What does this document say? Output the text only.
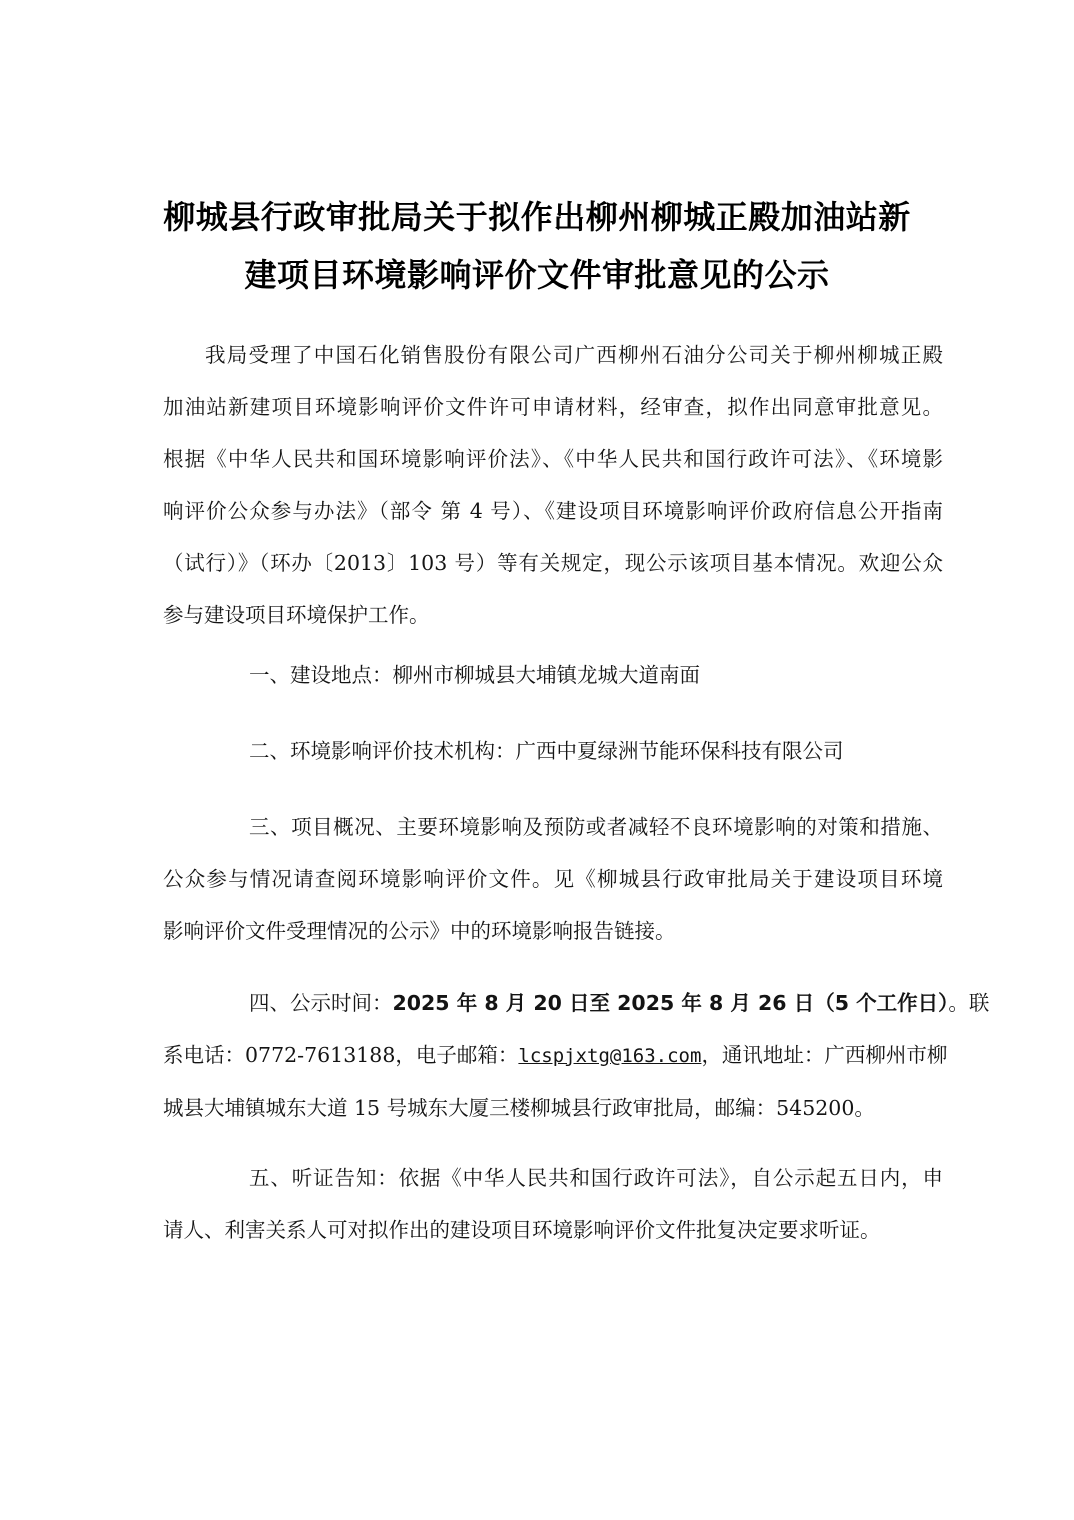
柳城县行政审批局关于拟作出柳州柳城正殿加油站新
建项目环境影响评价文件审批意见的公示
我局受理了中国石化销售股份有限公司广西柳州石油分公司关于柳州柳城正殿
加油站新建项目环境影响评价文件许可申请材料，经审查，拟作出同意审批意见。
根据《中华人民共和国环境影响评价法》、《中华人民共和国行政许可法》、《环境影
响评价公众参与办法》（部令 第 4 号）、《建设项目环境影响评价政府信息公开指南
（试行）》（环办〔2013〕103 号）等有关规定，现公示该项目基本情况。欢迎公众
参与建设项目环境保护工作。
一、建设地点：柳州市柳城县大埔镇龙城大道南面
二、环境影响评价技术机构：广西中夏绿洲节能环保科技有限公司
三、项目概况、主要环境影响及预防或者减轻不良环境影响的对策和措施、
公众参与情况请查阅环境影响评价文件。见《柳城县行政审批局关于建设项目环境
影响评价文件受理情况的公示》中的环境影响报告链接。
四、公示时间：2025 年 8 月 20 日至 2025 年 8 月 26 日（5 个工作日）。联
系电话：0772-7613188，电子邮箱：lcspjxtg@163.com，通讯地址：广西柳州市柳
城县大埔镇城东大道 15 号城东大厦三楼柳城县行政审批局，邮编：545200。
五、听证告知：依据《中华人民共和国行政许可法》，自公示起五日内，申
请人、利害关系人可对拟作出的建设项目环境影响评价文件批复决定要求听证。
